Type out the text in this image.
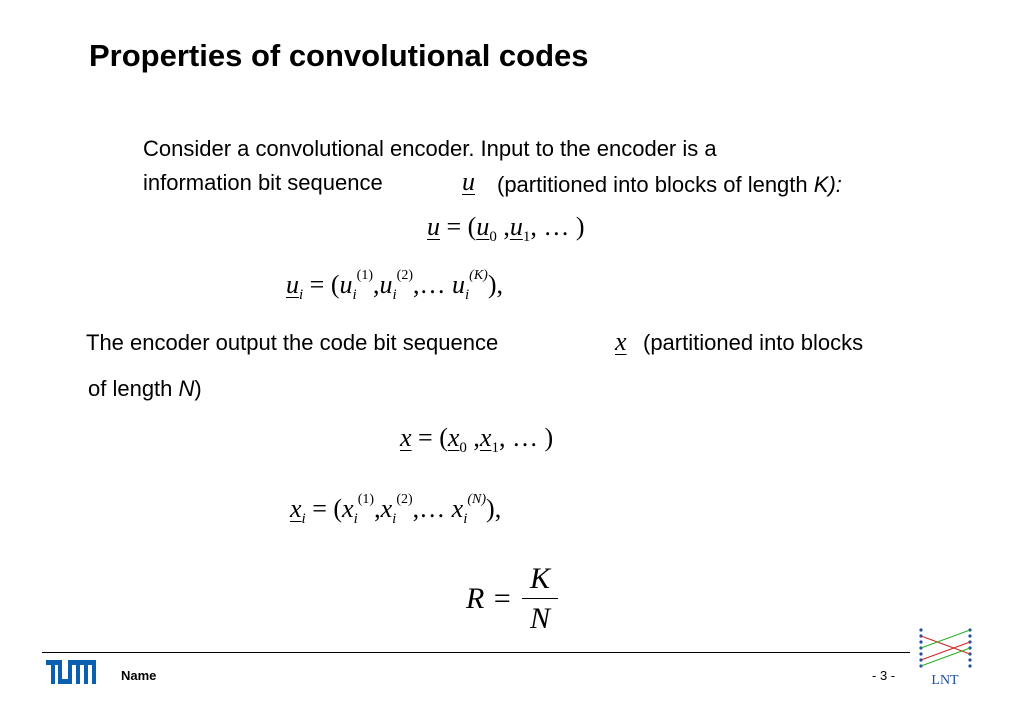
Properties of convolutional codes
Consider a convolutional encoder. Input to the encoder is a
information bit sequence	u (partitioned into blocks of length K):
$u = (u_0$ $,u_1$, … )
$u_i$ = ($u_i^{(1)},u_i^{(2)},\dots$ $u_i^{(K)}$),
The encoder output the code bit sequence	x (partitioned into blocks
of length N)
$x = (x_0$ $,x_1$, … )
$x_i$ = ($x_i^{(1)},x_i^{(2)},\dots$ $x_i^{(N)}$),
R =
K
N
Name	- 3 -	LNT
